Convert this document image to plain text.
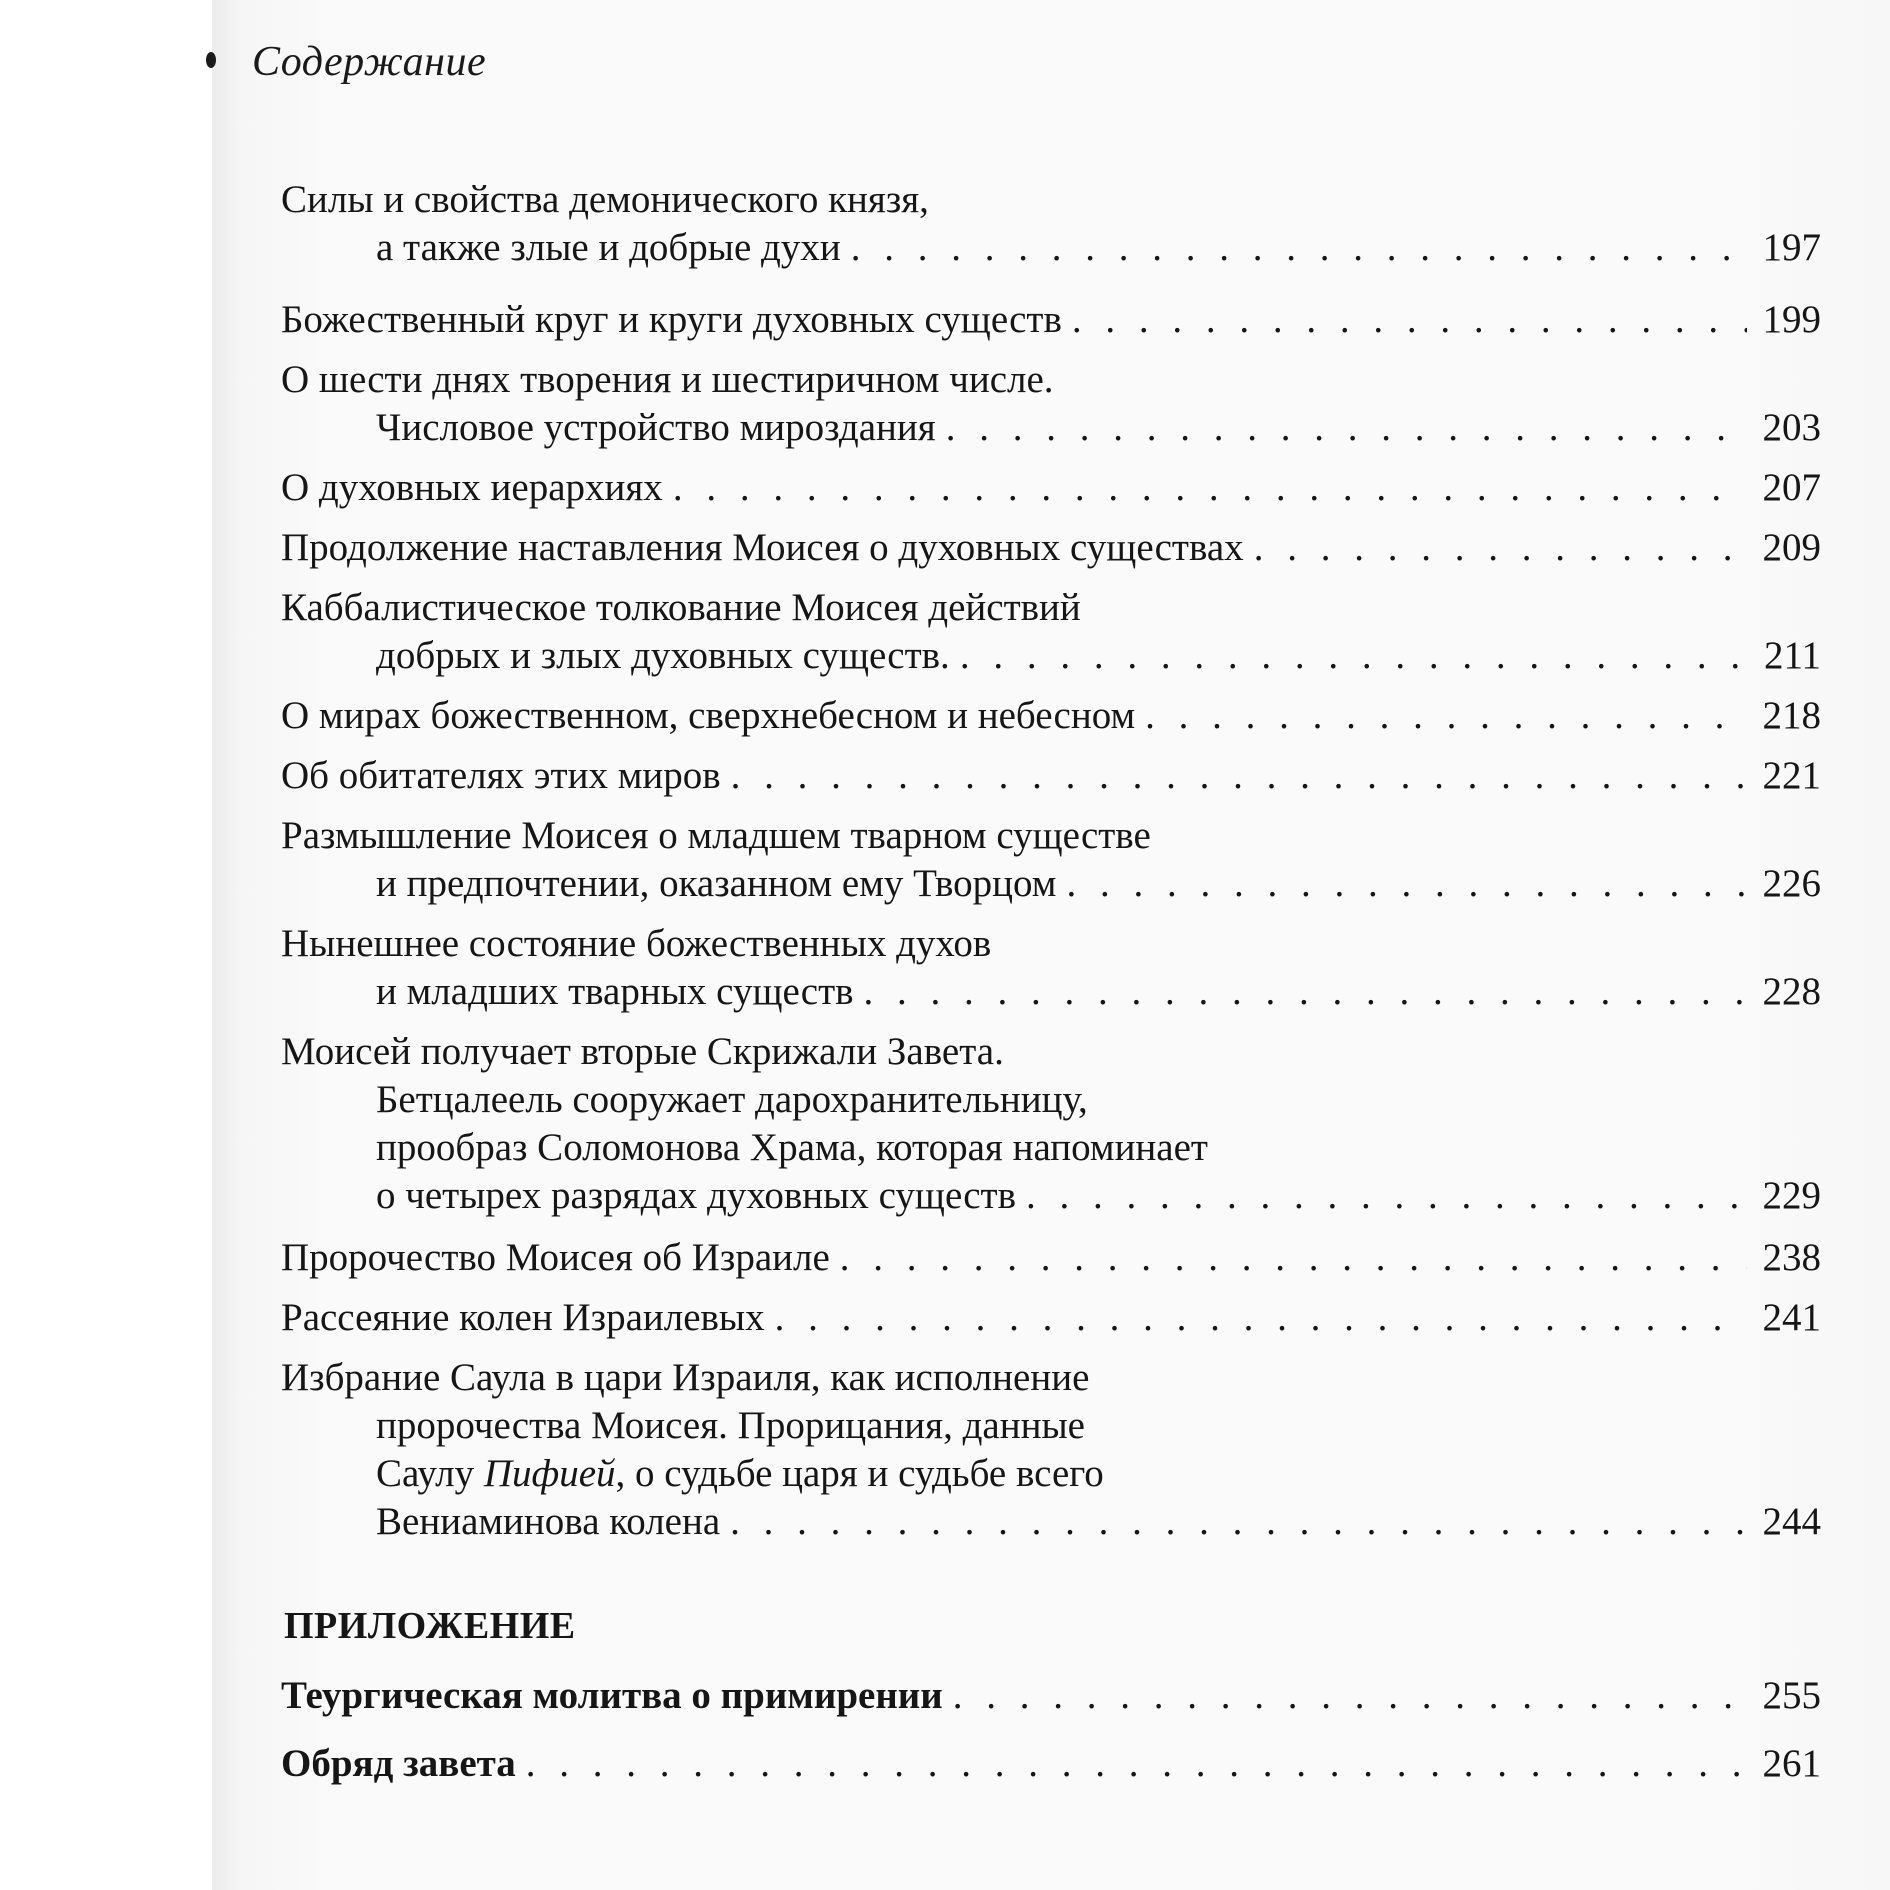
Содержание
Силы и свойства демонического князя,
а также злые и добрые духи . . .	197
Божественный круг и круги духовных существ . . .	199
О шести днях творения и шестиричном числе.
Числовое устройство мироздания . . .	203
О духовных иерархиях . . .	207
Продолжение наставления Моисея о духовных существах . . .	209
Каббалистическое толкование Моисея действий
добрых и злых духовных существ. . . .	211
О мирах божественном, сверхнебесном и небесном . . .	218
Об обитателях этих миров . . .	221
Размышление Моисея о младшем тварном существе
и предпочтении, оказанном ему Творцом . . .	226
Нынешнее состояние божественных духов
и младших тварных существ . . .	228
Моисей получает вторые Скрижали Завета.
Бетцалеель сооружает дарохранительницу,
прообраз Соломонова Храма, которая напоминает
о четырех разрядах духовных существ . . .	229
Пророчество Моисея об Израиле . . .	238
Рассеяние колен Израилевых . . .	241
Избрание Саула в цари Израиля, как исполнение
пророчества Моисея. Прорицания, данные
Саулу Пифией, о судьбе царя и судьбе всего
Вениаминова колена . . .	244
ПРИЛОЖЕНИЕ
Теургическая молитва о примирении . . .	255
Обряд завета . . .	261
